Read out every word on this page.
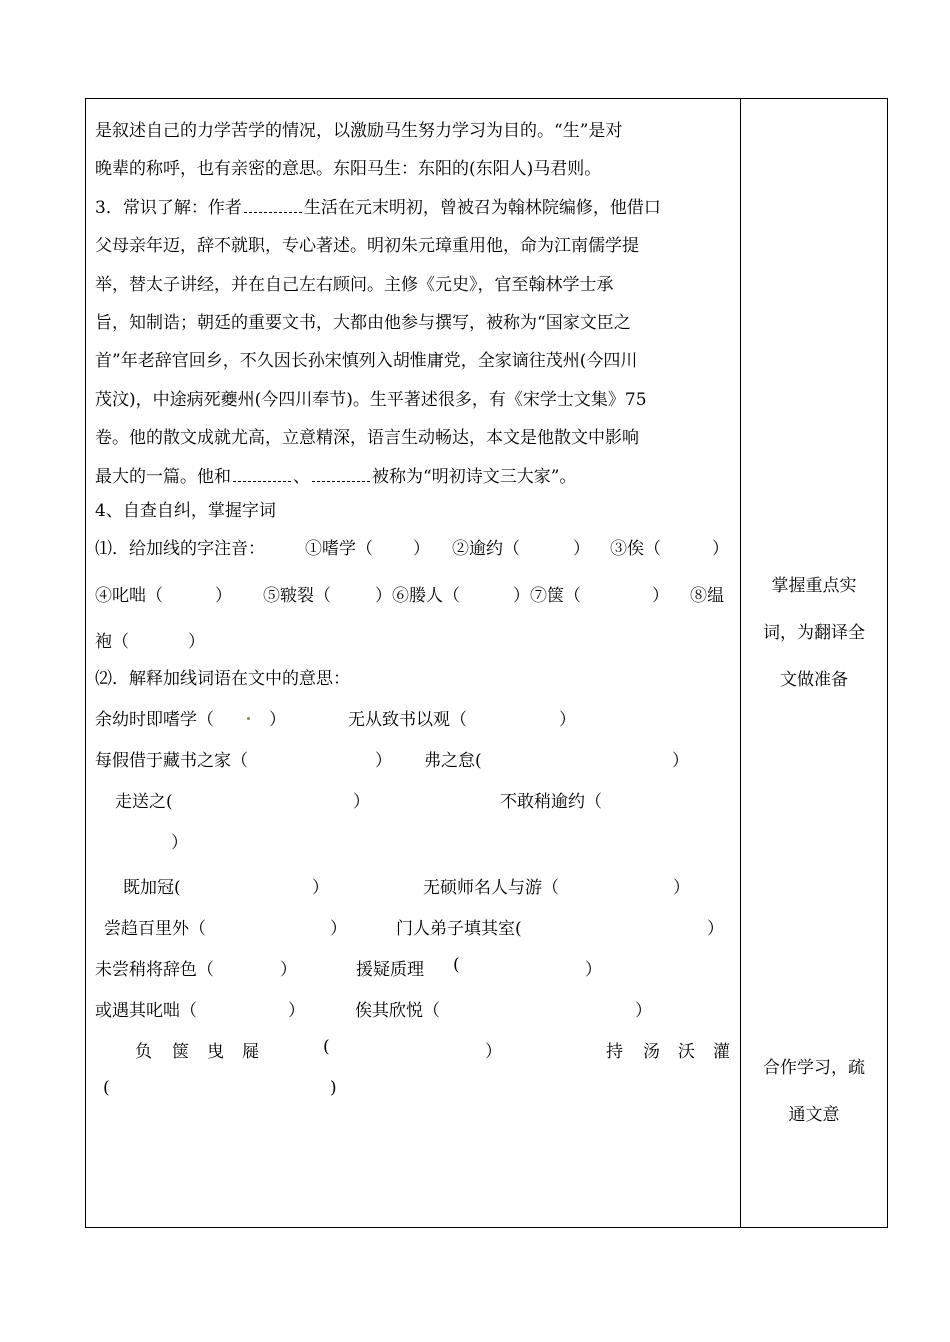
是叙述自己的力学苦学的情况，以激励马生努力学习为目的。“生”是对

晚辈的称呼，也有亲密的意思。东阳马生：东阳的(东阳人)马君则。

3．常识了解：作者	生活在元末明初，曾被召为翰林院编修，他借口

父母亲年迈，辞不就职，专心著述。明初朱元璋重用他，命为江南儒学提

举，替太子讲经，并在自己左右顾问。主修《元史》，官至翰林学士承

旨，知制诰；朝廷的重要文书，大都由他参与撰写，被称为“国家文臣之

首”年老辞官回乡，不久因长孙宋慎列入胡惟庸党，全家谪往茂州(今四川

茂汶)，中途病死夔州(今四川奉节)。生平著述很多，有《宋学士文集》75

卷。他的散文成就尤高，立意精深，语言生动畅达，本文是他散文中影响

最大的一篇。他和	、	被称为“明初诗文三大家”。

4、自查自纠，掌握字词
⑴．给加线的字注音： ①嗜学（ ） ②逾约（	） ③俟（	）
④叱咄（	） ⑤皲裂（	）⑥媵人（	）⑦箧（	） ⑧缊
袍（	）
⑵．解释加线词语在文中的意思：
余幼时即嗜学（	）	无从致书以观（	）
每假借于藏书之家（	） 弗之怠(	）
走送之(	）	不敢稍逾约（
）
既加冠(	）	无硕师名人与游（	）
尝趋百里外（	）	门人弟子填其室(	）
未尝稍将辞色（	）	援疑质理 (	）
或遇其叱咄（	）	俟其欣悦（	）
负 箧 曳 屣	(	）	持 汤 沃 灌
(	)
掌握重点实
词，为翻译全
文做准备
合作学习，疏
通文意
